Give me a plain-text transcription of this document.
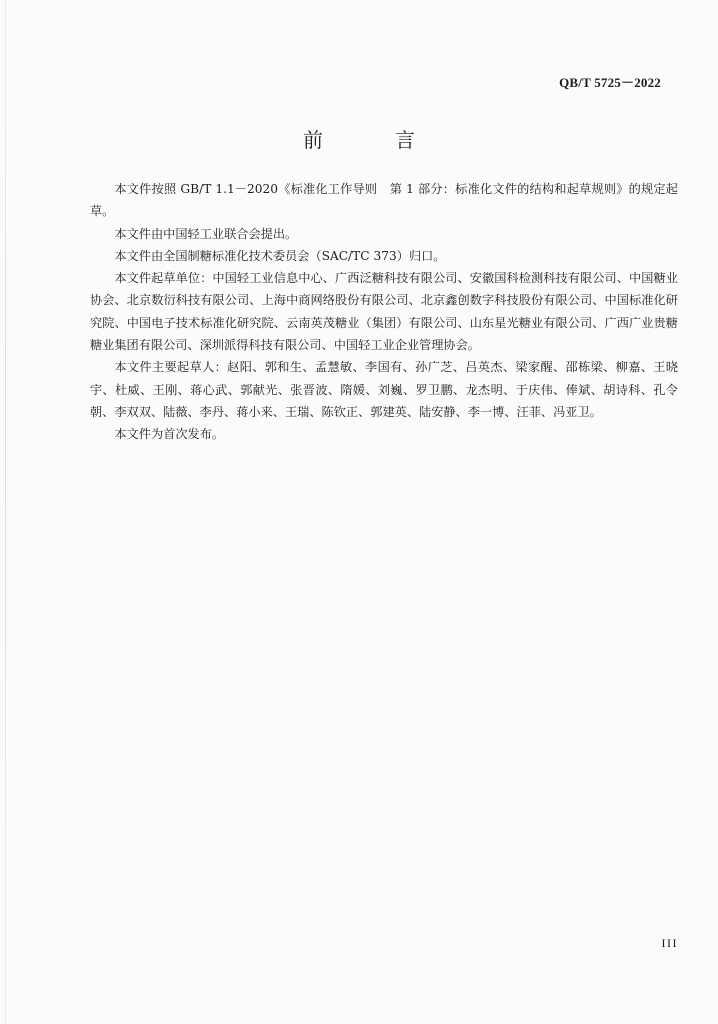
QB/T 5725－2022
前　言

本文件按照 GB/T 1.1－2020《标准化工作导则　第 1 部分：标准化文件的结构和起草规则》的规定起草。

本文件由中国轻工业联合会提出。

本文件由全国制糖标准化技术委员会（SAC/TC 373）归口。

本文件起草单位：中国轻工业信息中心、广西泛糖科技有限公司、安徽国科检测科技有限公司、中国糖业协会、北京数衍科技有限公司、上海中商网络股份有限公司、北京鑫创数字科技股份有限公司、中国标准化研究院、中国电子技术标准化研究院、云南英茂糖业（集团）有限公司、山东星光糖业有限公司、广西广业贵糖糖业集团有限公司、深圳派得科技有限公司、中国轻工业企业管理协会。

本文件主要起草人：赵阳、郭和生、孟慧敏、李国有、孙广芝、吕英杰、梁家醒、邵栋梁、柳嘉、王晓宇、杜威、王刚、蒋心武、郭献光、张晋波、隋媛、刘巍、罗卫鹏、龙杰明、于庆伟、俸斌、胡诗科、孔令朝、李双双、陆薇、李丹、蒋小来、王瑞、陈钦正、郭建英、陆安静、李一博、汪菲、冯亚卫。

本文件为首次发布。

III
